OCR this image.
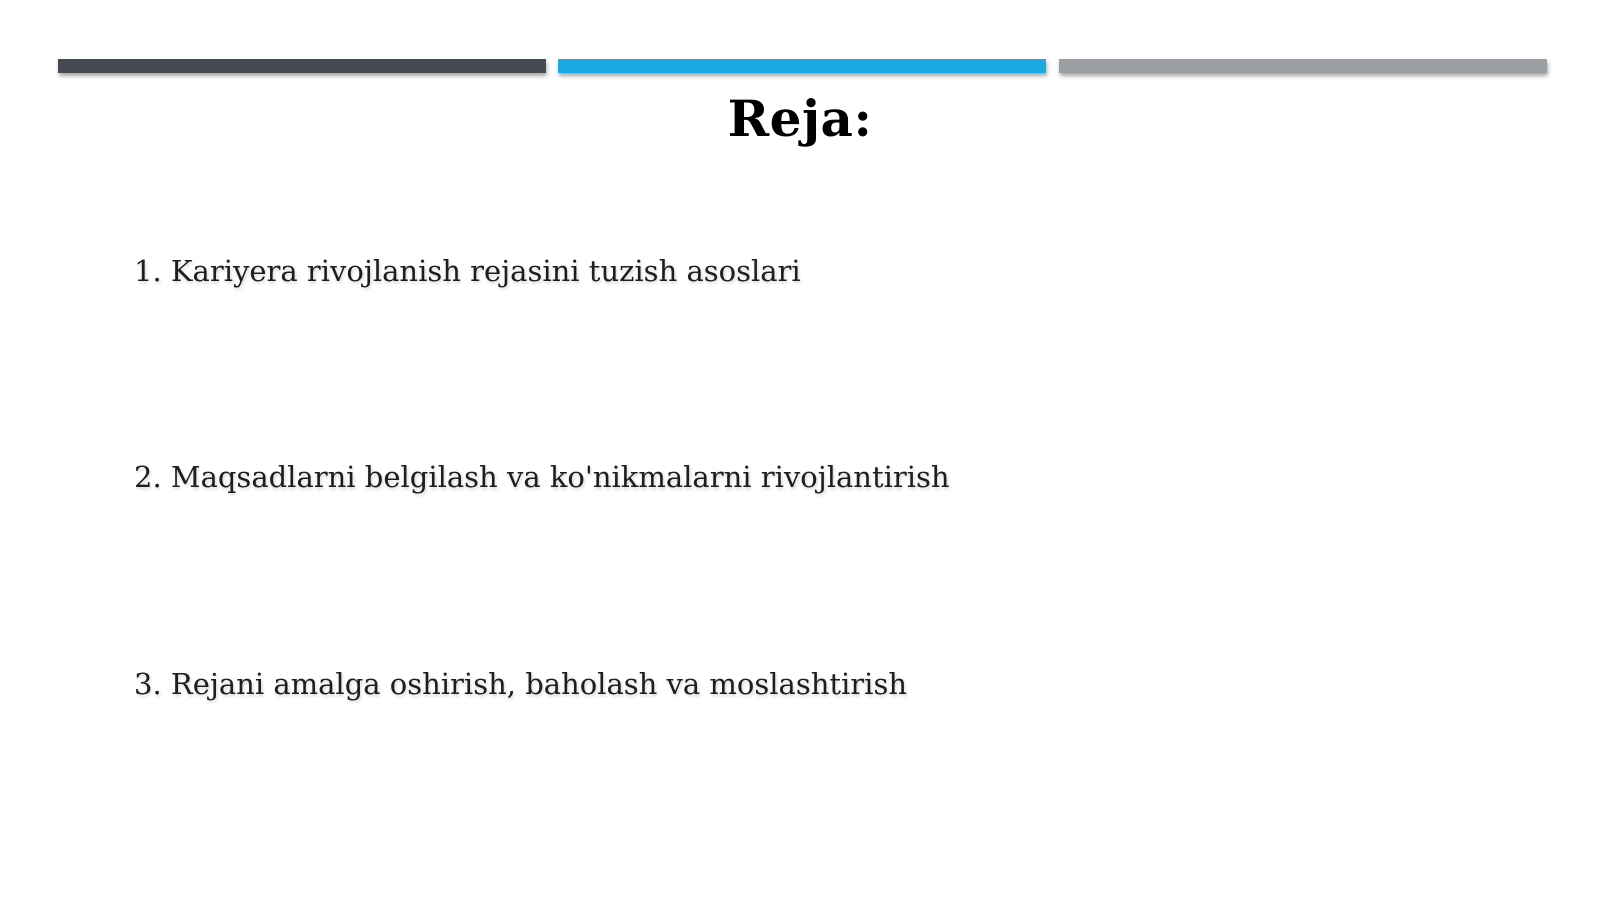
Reja:
1. Kariyera rivojlanish rejasini tuzish asoslari
2. Maqsadlarni belgilash va ko'nikmalarni rivojlantirish
3. Rejani amalga oshirish, baholash va moslashtirish
